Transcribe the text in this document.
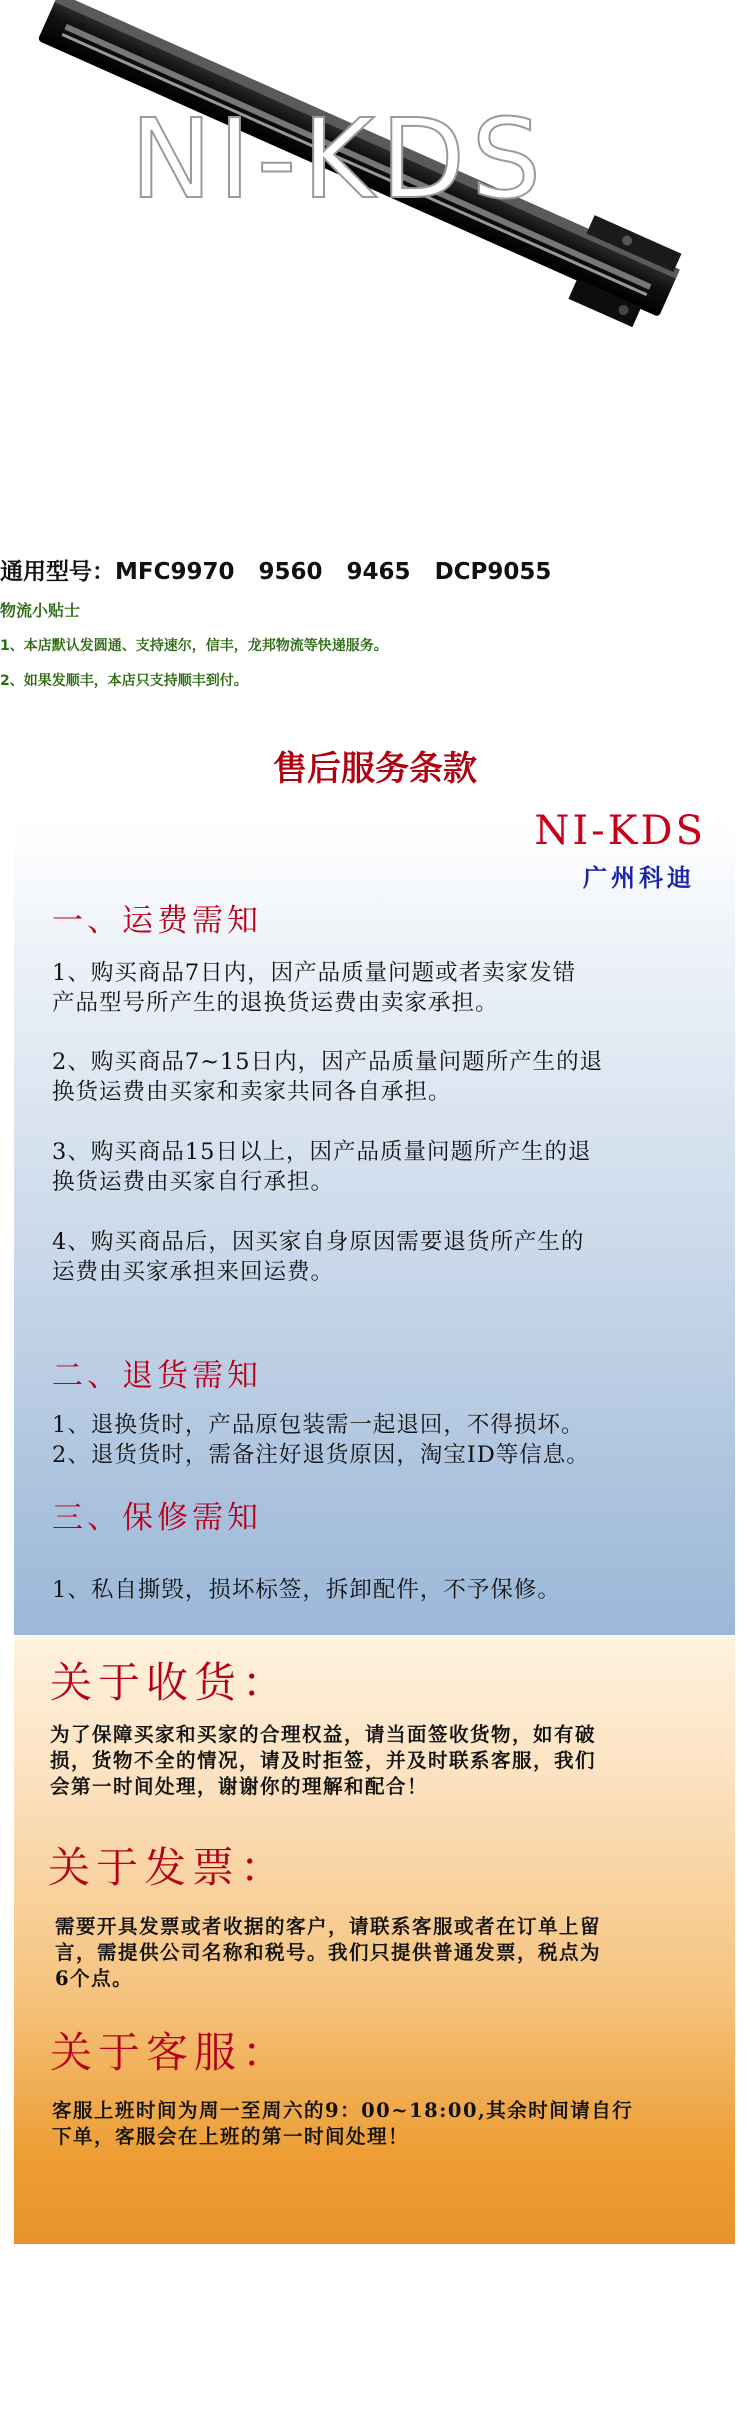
NI-KDS
通用型号：MFC9970   9560   9465   DCP9055
物流小贴士
1、本店默认发圆通、支持速尔，信丰，龙邦物流等快递服务。
2、如果发顺丰，本店只支持顺丰到付。
售后服务条款
NI-KDS
广州科迪
一、运费需知
1、购买商品7日内，因产品质量问题或者卖家发错
产品型号所产生的退换货运费由卖家承担。
2、购买商品7~15日内，因产品质量问题所产生的退
换货运费由买家和卖家共同各自承担。
3、购买商品15日以上，因产品质量问题所产生的退
换货运费由买家自行承担。
4、购买商品后，因买家自身原因需要退货所产生的
运费由买家承担来回运费。
二、退货需知
1、退换货时，产品原包装需一起退回，不得损坏。
2、退货货时，需备注好退货原因，淘宝ID等信息。
三、保修需知
1、私自撕毁，损坏标签，拆卸配件，不予保修。
关于收货：
为了保障买家和买家的合理权益，请当面签收货物，如有破
损，货物不全的情况，请及时拒签，并及时联系客服，我们
会第一时间处理，谢谢你的理解和配合！
关于发票：
需要开具发票或者收据的客户，请联系客服或者在订单上留
言，需提供公司名称和税号。我们只提供普通发票，税点为
6个点。
关于客服：
客服上班时间为周一至周六的9：00~18:00,其余时间请自行
下单，客服会在上班的第一时间处理！
